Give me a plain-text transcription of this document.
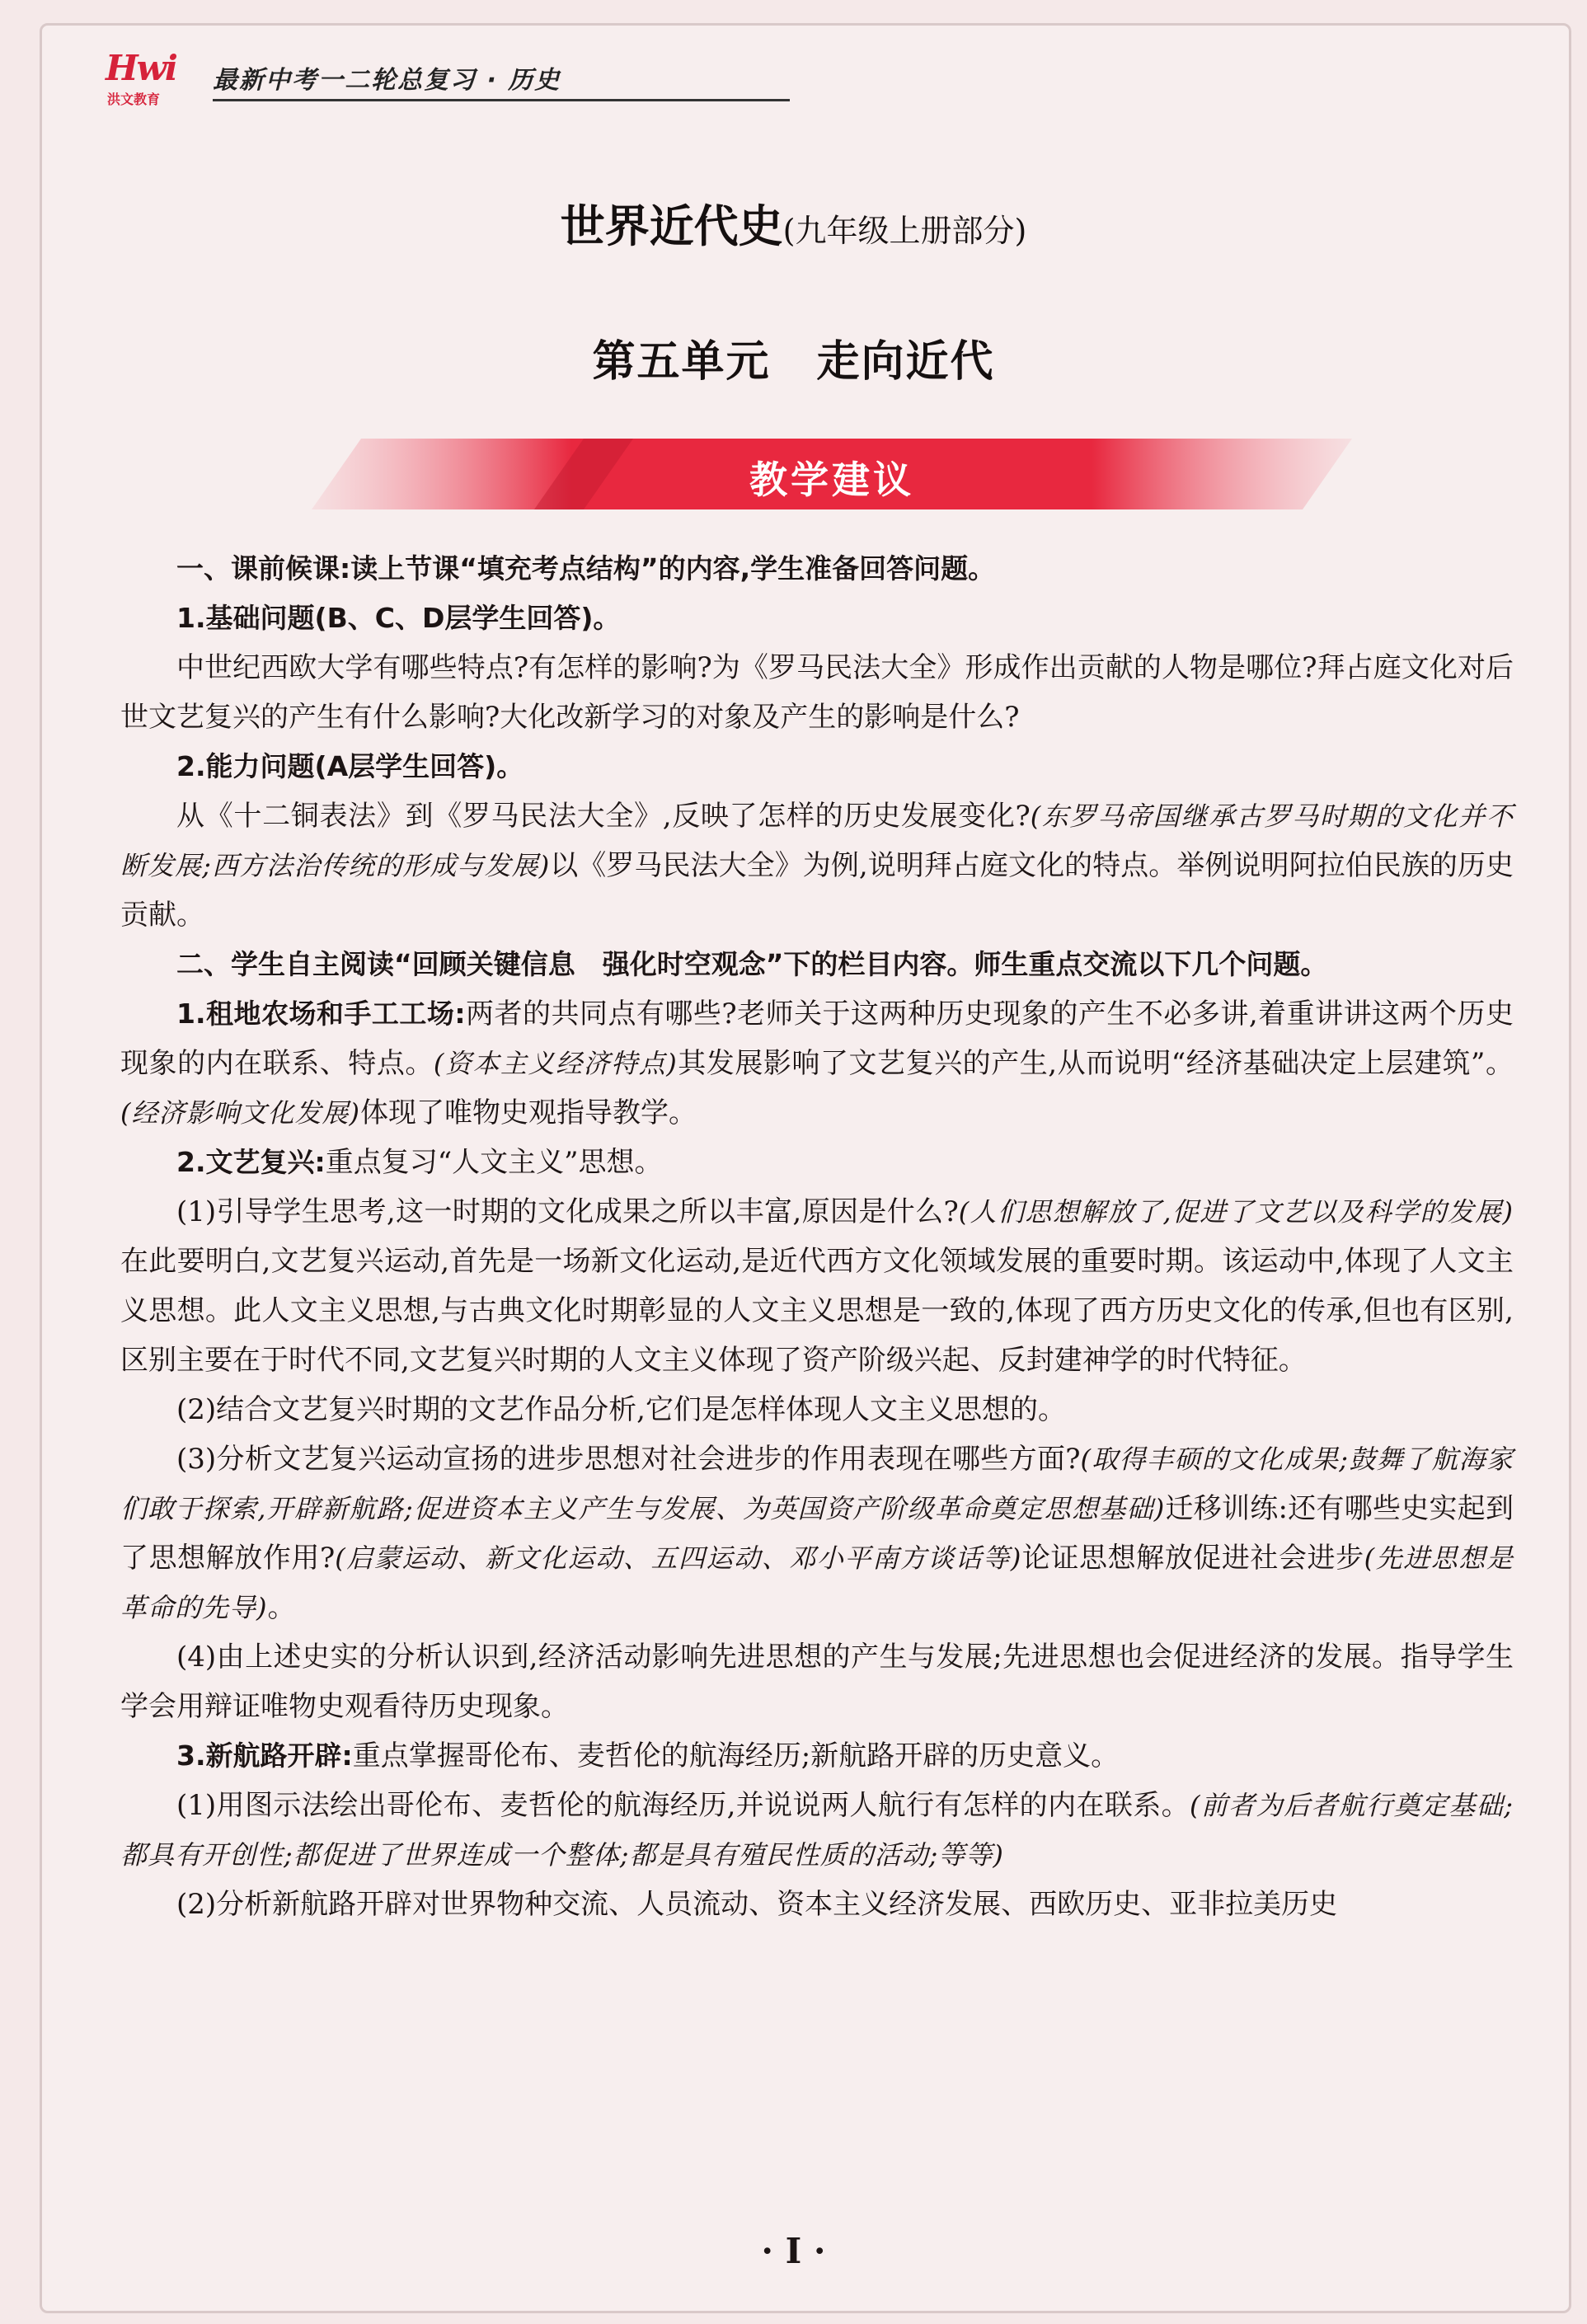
Hwi
洪文教育
最新中考一二轮总复习 · 历史
世界近代史(九年级上册部分)
第五单元 走向近代
教学建议

一、课前候课:读上节课“填充考点结构”的内容,学生准备回答问题。

1.基础问题(B、C、D层学生回答)。

中世纪西欧大学有哪些特点?有怎样的影响?为《罗马民法大全》形成作出贡献的人物是哪位?拜占庭文化对后世文艺复兴的产生有什么影响?大化改新学习的对象及产生的影响是什么?

2.能力问题(A层学生回答)。

从《十二铜表法》到《罗马民法大全》,反映了怎样的历史发展变化?(东罗马帝国继承古罗马时期的文化并不断发展;西方法治传统的形成与发展)以《罗马民法大全》为例,说明拜占庭文化的特点。举例说明阿拉伯民族的历史贡献。

二、学生自主阅读“回顾关键信息　强化时空观念”下的栏目内容。师生重点交流以下几个问题。

1.租地农场和手工工场:两者的共同点有哪些?老师关于这两种历史现象的产生不必多讲,着重讲讲这两个历史现象的内在联系、特点。(资本主义经济特点)其发展影响了文艺复兴的产生,从而说明“经济基础决定上层建筑”。(经济影响文化发展)体现了唯物史观指导教学。

2.文艺复兴:重点复习“人文主义”思想。

(1)引导学生思考,这一时期的文化成果之所以丰富,原因是什么?(人们思想解放了,促进了文艺以及科学的发展)在此要明白,文艺复兴运动,首先是一场新文化运动,是近代西方文化领域发展的重要时期。该运动中,体现了人文主义思想。此人文主义思想,与古典文化时期彰显的人文主义思想是一致的,体现了西方历史文化的传承,但也有区别,区别主要在于时代不同,文艺复兴时期的人文主义体现了资产阶级兴起、反封建神学的时代特征。

(2)结合文艺复兴时期的文艺作品分析,它们是怎样体现人文主义思想的。

(3)分析文艺复兴运动宣扬的进步思想对社会进步的作用表现在哪些方面?(取得丰硕的文化成果;鼓舞了航海家们敢于探索,开辟新航路;促进资本主义产生与发展、为英国资产阶级革命奠定思想基础)迁移训练:还有哪些史实起到了思想解放作用?(启蒙运动、新文化运动、五四运动、邓小平南方谈话等)论证思想解放促进社会进步(先进思想是革命的先导)。

(4)由上述史实的分析认识到,经济活动影响先进思想的产生与发展;先进思想也会促进经济的发展。指导学生学会用辩证唯物史观看待历史现象。

3.新航路开辟:重点掌握哥伦布、麦哲伦的航海经历;新航路开辟的历史意义。

(1)用图示法绘出哥伦布、麦哲伦的航海经历,并说说两人航行有怎样的内在联系。(前者为后者航行奠定基础;都具有开创性;都促进了世界连成一个整体;都是具有殖民性质的活动;等等)

(2)分析新航路开辟对世界物种交流、人员流动、资本主义经济发展、西欧历史、亚非拉美历史

· I ·
